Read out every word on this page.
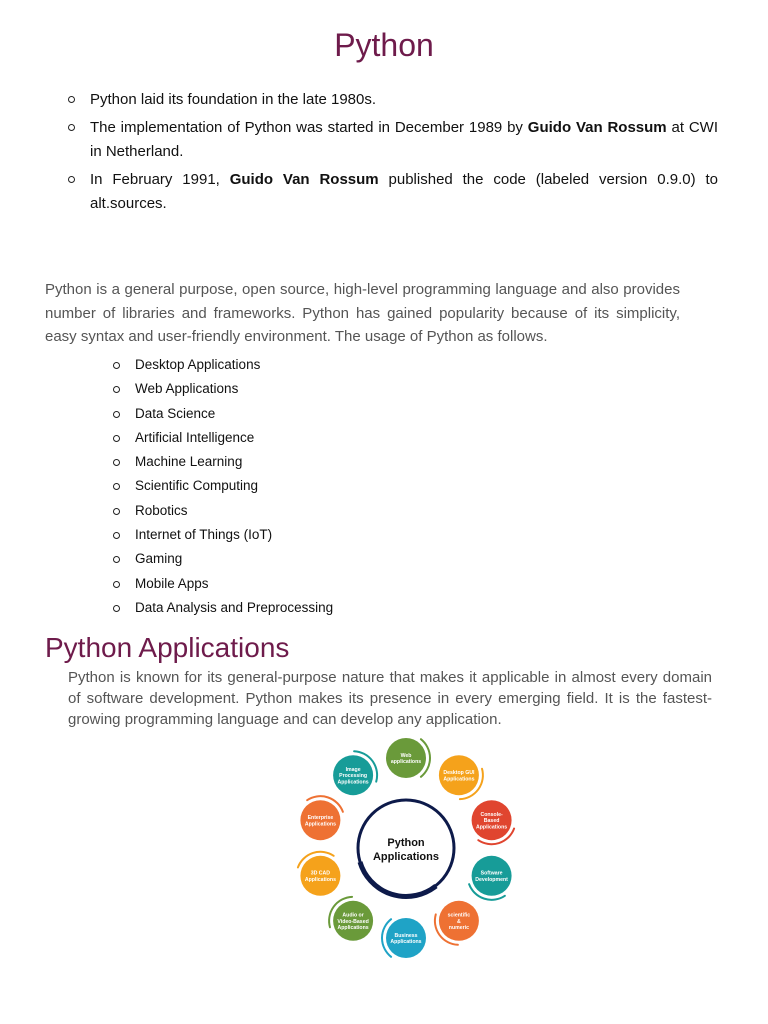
Python
Python laid its foundation in the late 1980s.
The implementation of Python was started in December 1989 by Guido Van Rossum at CWI in Netherland.
In February 1991, Guido Van Rossum published the code (labeled version 0.9.0) to alt.sources.

Python is a general purpose, open source, high-level programming language and also provides number of libraries and frameworks. Python has gained popularity because of its simplicity, easy syntax and user-friendly environment. The usage of Python as follows.

Desktop Applications
Web Applications
Data Science
Artificial Intelligence
Machine Learning
Scientific Computing
Robotics
Internet of Things (IoT)
Gaming
Mobile Apps
Data Analysis and Preprocessing
Python Applications

Python is known for its general-purpose nature that makes it applicable in almost every domain of software development. Python makes its presence in every emerging field. It is the fastest-growing programming language and can develop any application.

Python
Applications
Web
applications
Desktop GUI
Applications
Console-
Based
Applications
Software
Development
scientific
&
numeric
Business
Applications
Audio or
Video-Based
Applications
3D CAD
Applications
Enterprise
Applications
Image
Processing
Applications
